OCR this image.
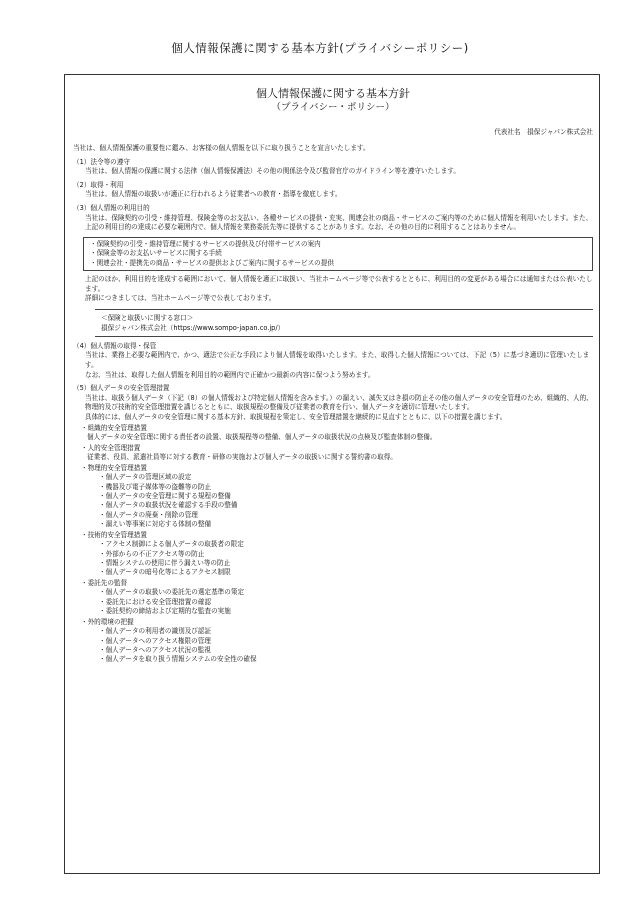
個人情報保護に関する基本方針(プライバシーポリシー)
個人情報保護に関する基本方針
（プライバシー・ポリシー）
代表社名　損保ジャパン株式会社

当社は、個人情報保護の重要性に鑑み、お客様の個人情報を以下に取り扱うことを宣言いたします。

（1）法令等の遵守

当社は、個人情報の保護に関する法律（個人情報保護法）その他の関係法令及び監督官庁のガイドライン等を遵守いたします。

（2）取得・利用

当社は、個人情報の取扱いが適正に行われるよう従業者への教育・指導を徹底します。

（3）個人情報の利用目的

当社は、保険契約の引受・維持管理、保険金等のお支払い、各種サービスの提供・充実、関連会社の商品・サービスのご案内等のために個人情報を利用いたします。また、上記の利用目的の達成に必要な範囲内で、個人情報を業務委託先等に提供することがあります。なお、その他の目的に利用することはありません。

・保険契約の引受・維持管理に関するサービスの提供及び付帯サービスの案内

・保険金等のお支払いサービスに関する手続

・関連会社・提携先の商品・サービスの提供およびご案内に関するサービスの提供

上記のほか、利用目的を達成する範囲において、個人情報を適正に取扱い、当社ホームページ等で公表するとともに、利用目的の変更がある場合には通知または公表いたします。

詳細につきましては、当社ホームページ等で公表しております。

＜保険と取扱いに関する窓口＞

損保ジャパン株式会社（https://www.sompo-japan.co.jp/）

（4）個人情報の取得・保管

当社は、業務上必要な範囲内で、かつ、適法で公正な手段により個人情報を取得いたします。また、取得した個人情報については、下記（5）に基づき適切に管理いたします。

なお、当社は、取得した個人情報を利用目的の範囲内で正確かつ最新の内容に保つよう努めます。

（5）個人データの安全管理措置

当社は、取扱う個人データ（下記（8）の個人情報および特定個人情報を含みます。）の漏えい、滅失又はき損の防止その他の個人データの安全管理のため、組織的、人的、物理的及び技術的安全管理措置を講じるとともに、取扱規程の整備及び従業者の教育を行い、個人データを適切に管理いたします。

具体的には、個人データの安全管理に関する基本方針、取扱規程を策定し、安全管理措置を継続的に見直すとともに、以下の措置を講じます。

・組織的安全管理措置

個人データの安全管理に関する責任者の設置、取扱規程等の整備、個人データの取扱状況の点検及び監査体制の整備。

・人的安全管理措置

従業者、役員、派遣社員等に対する教育・研修の実施および個人データの取扱いに関する誓約書の取得。

・物理的安全管理措置

・ 個人データの管理区域の設定

・ 機器及び電子媒体等の盗難等の防止

・ 個人データの安全管理に関する規程の整備

・ 個人データの取扱状況を確認する手段の整備

・ 個人データの廃棄・削除の管理

・ 漏えい等事案に対応する体制の整備

・技術的安全管理措置

・ アクセス制御による個人データの取扱者の限定

・ 外部からの不正アクセス等の防止

・ 情報システムの使用に伴う漏えい等の防止

・ 個人データの暗号化等によるアクセス制限

・委託先の監督

・ 個人データの取扱いの委託先の選定基準の策定

・ 委託先における安全管理措置の確認

・ 委託契約の締結および定期的な監査の実施

・外的環境の把握

・ 個人データの利用者の識別及び認証

・ 個人データへのアクセス権限の管理

・ 個人データへのアクセス状況の監視

・ 個人データを取り扱う情報システムの安全性の確保
